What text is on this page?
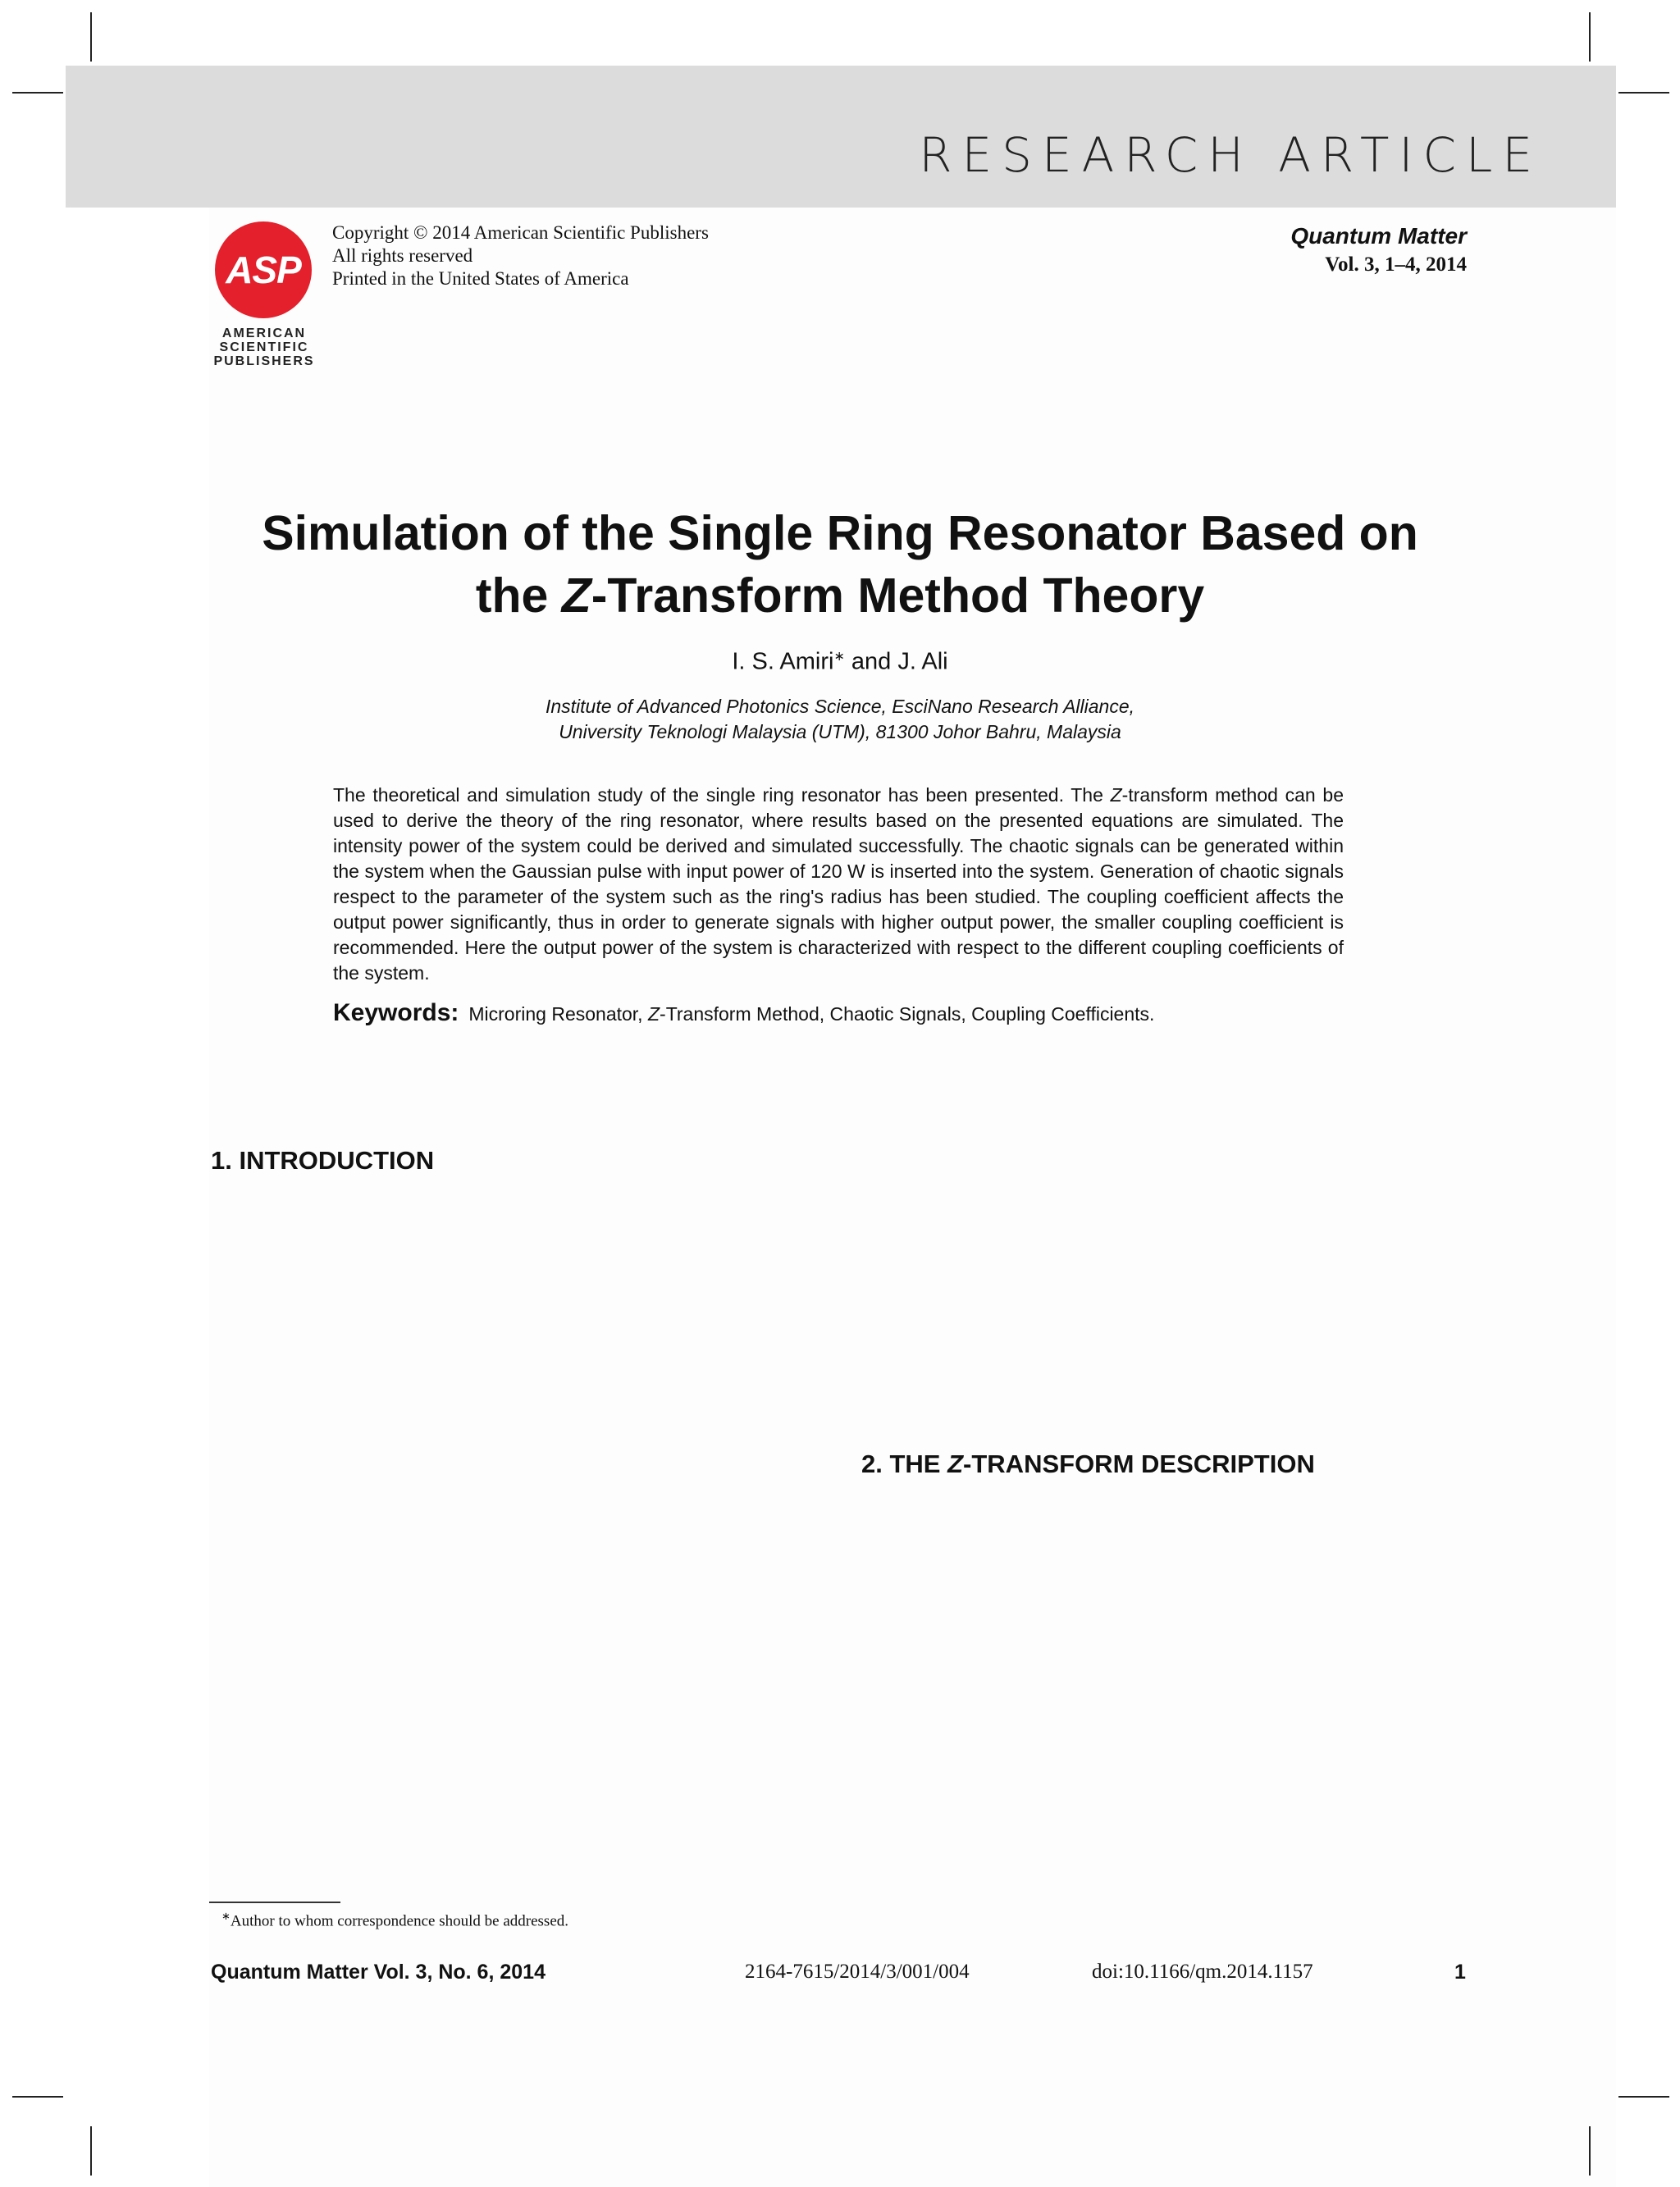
RESEARCH ARTICLE
ASP
AMERICAN
SCIENTIFIC
PUBLISHERS
Copyright © 2014 American Scientific Publishers
All rights reserved
Printed in the United States of America
Quantum Matter
Vol. 3, 1–4, 2014
Simulation of the Single Ring Resonator Based on
the Z-Transform Method Theory
I. S. Amiri∗ and J. Ali
Institute of Advanced Photonics Science, EsciNano Research Alliance,
University Teknologi Malaysia (UTM), 81300 Johor Bahru, Malaysia
The theoretical and simulation study of the single ring resonator has been presented. The Z-transform method can be used to derive the theory of the ring resonator, where results based on the presented equations are simulated. The intensity power of the system could be derived and simulated successfully. The chaotic signals can be generated within the system when the Gaussian pulse with input power of 120 W is inserted into the system. Generation of chaotic signals respect to the parameter of the system such as the ring's radius has been studied. The coupling coefficient affects the output power significantly, thus in order to generate signals with higher output power, the smaller coupling coefficient is recommended. Here the output power of the system is characterized with respect to the different coupling coefficients of the system.
Keywords: Microring Resonator, Z-Transform Method, Chaotic Signals, Coupling Coefficients.
1. INTRODUCTION
2. THE Z-TRANSFORM DESCRIPTION
∗Author to whom correspondence should be addressed.
Quantum Matter Vol. 3, No. 6, 2014	2164-7615/2014/3/001/004	doi:10.1166/qm.2014.1157	1
